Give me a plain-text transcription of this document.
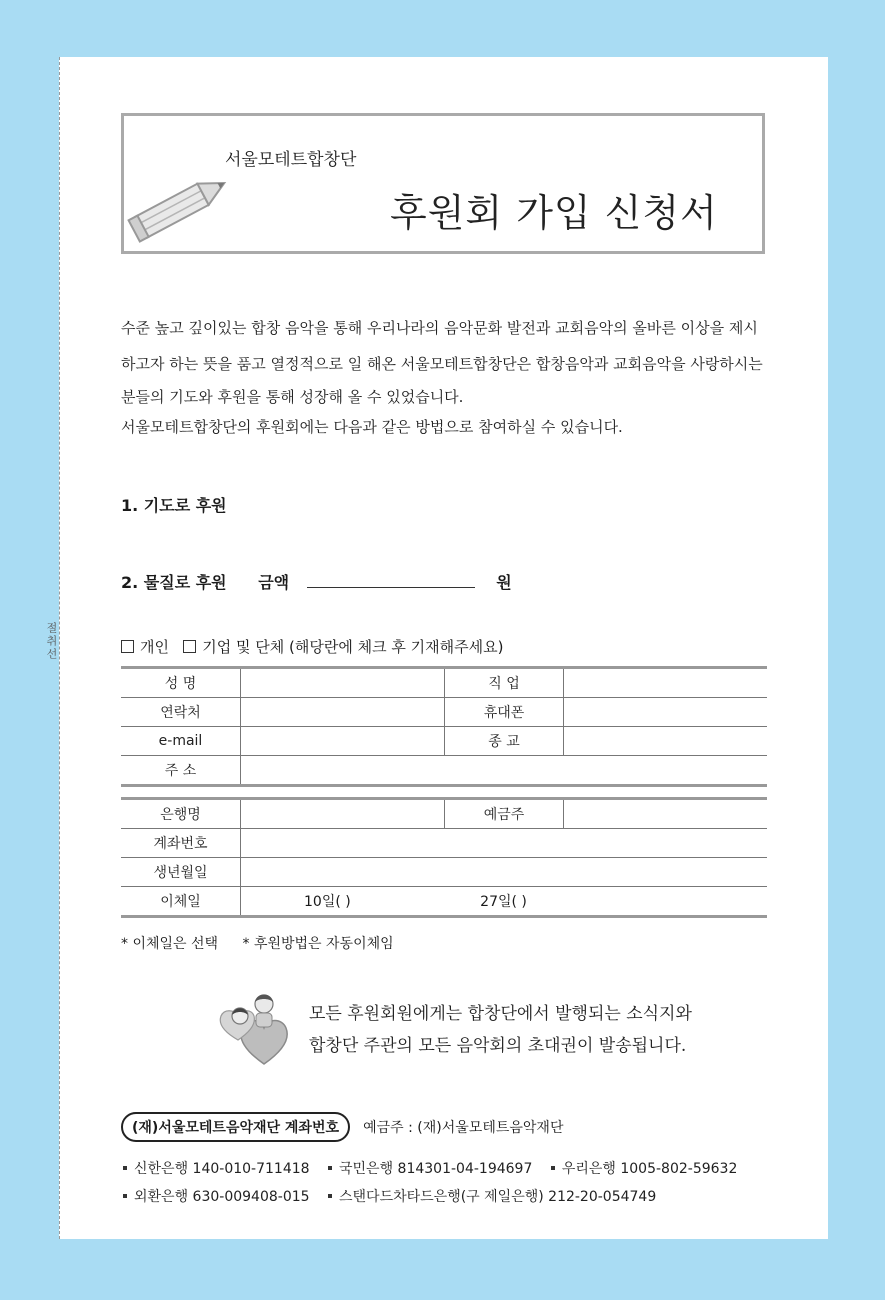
절취선
서울모테트합창단
후원회 가입 신청서

수준 높고 깊이있는 합창 음악을 통해 우리나라의 음악문화 발전과 교회음악의 올바른 이상을 제시

하고자 하는 뜻을 품고 열정적으로 일 해온 서울모테트합창단은 합창음악과 교회음악을 사랑하시는

분들의 기도와 후원을 통해 성장해 올 수 있었습니다.

서울모테트합창단의 후원회에는 다음과 같은 방법으로 참여하실 수 있습니다.

1. 기도로 후원
2. 물질로 후원 금액	원
개인 기업 및 단체 (해당란에 체크 후 기재해주세요)
성 명		직 업	
연락처		휴대폰	
e-mail		종 교	
주 소			
은행명		예금주	
계좌번호			
생년월일			
이체일	10일( ) 27일( )		
* 이체일은 선택 * 후원방법은 자동이체임

모든 후원회원에게는 합창단에서 발행되는 소식지와

합창단 주관의 모든 음악회의 초대권이 발송됩니다.

(재)서울모테트음악재단 계좌번호 예금주 : (재)서울모테트음악재단

신한은행 140-010-711418 국민은행 814301-04-194697 우리은행 1005-802-59632

외환은행 630-009408-015 스탠다드차타드은행(구 제일은행) 212-20-054749
